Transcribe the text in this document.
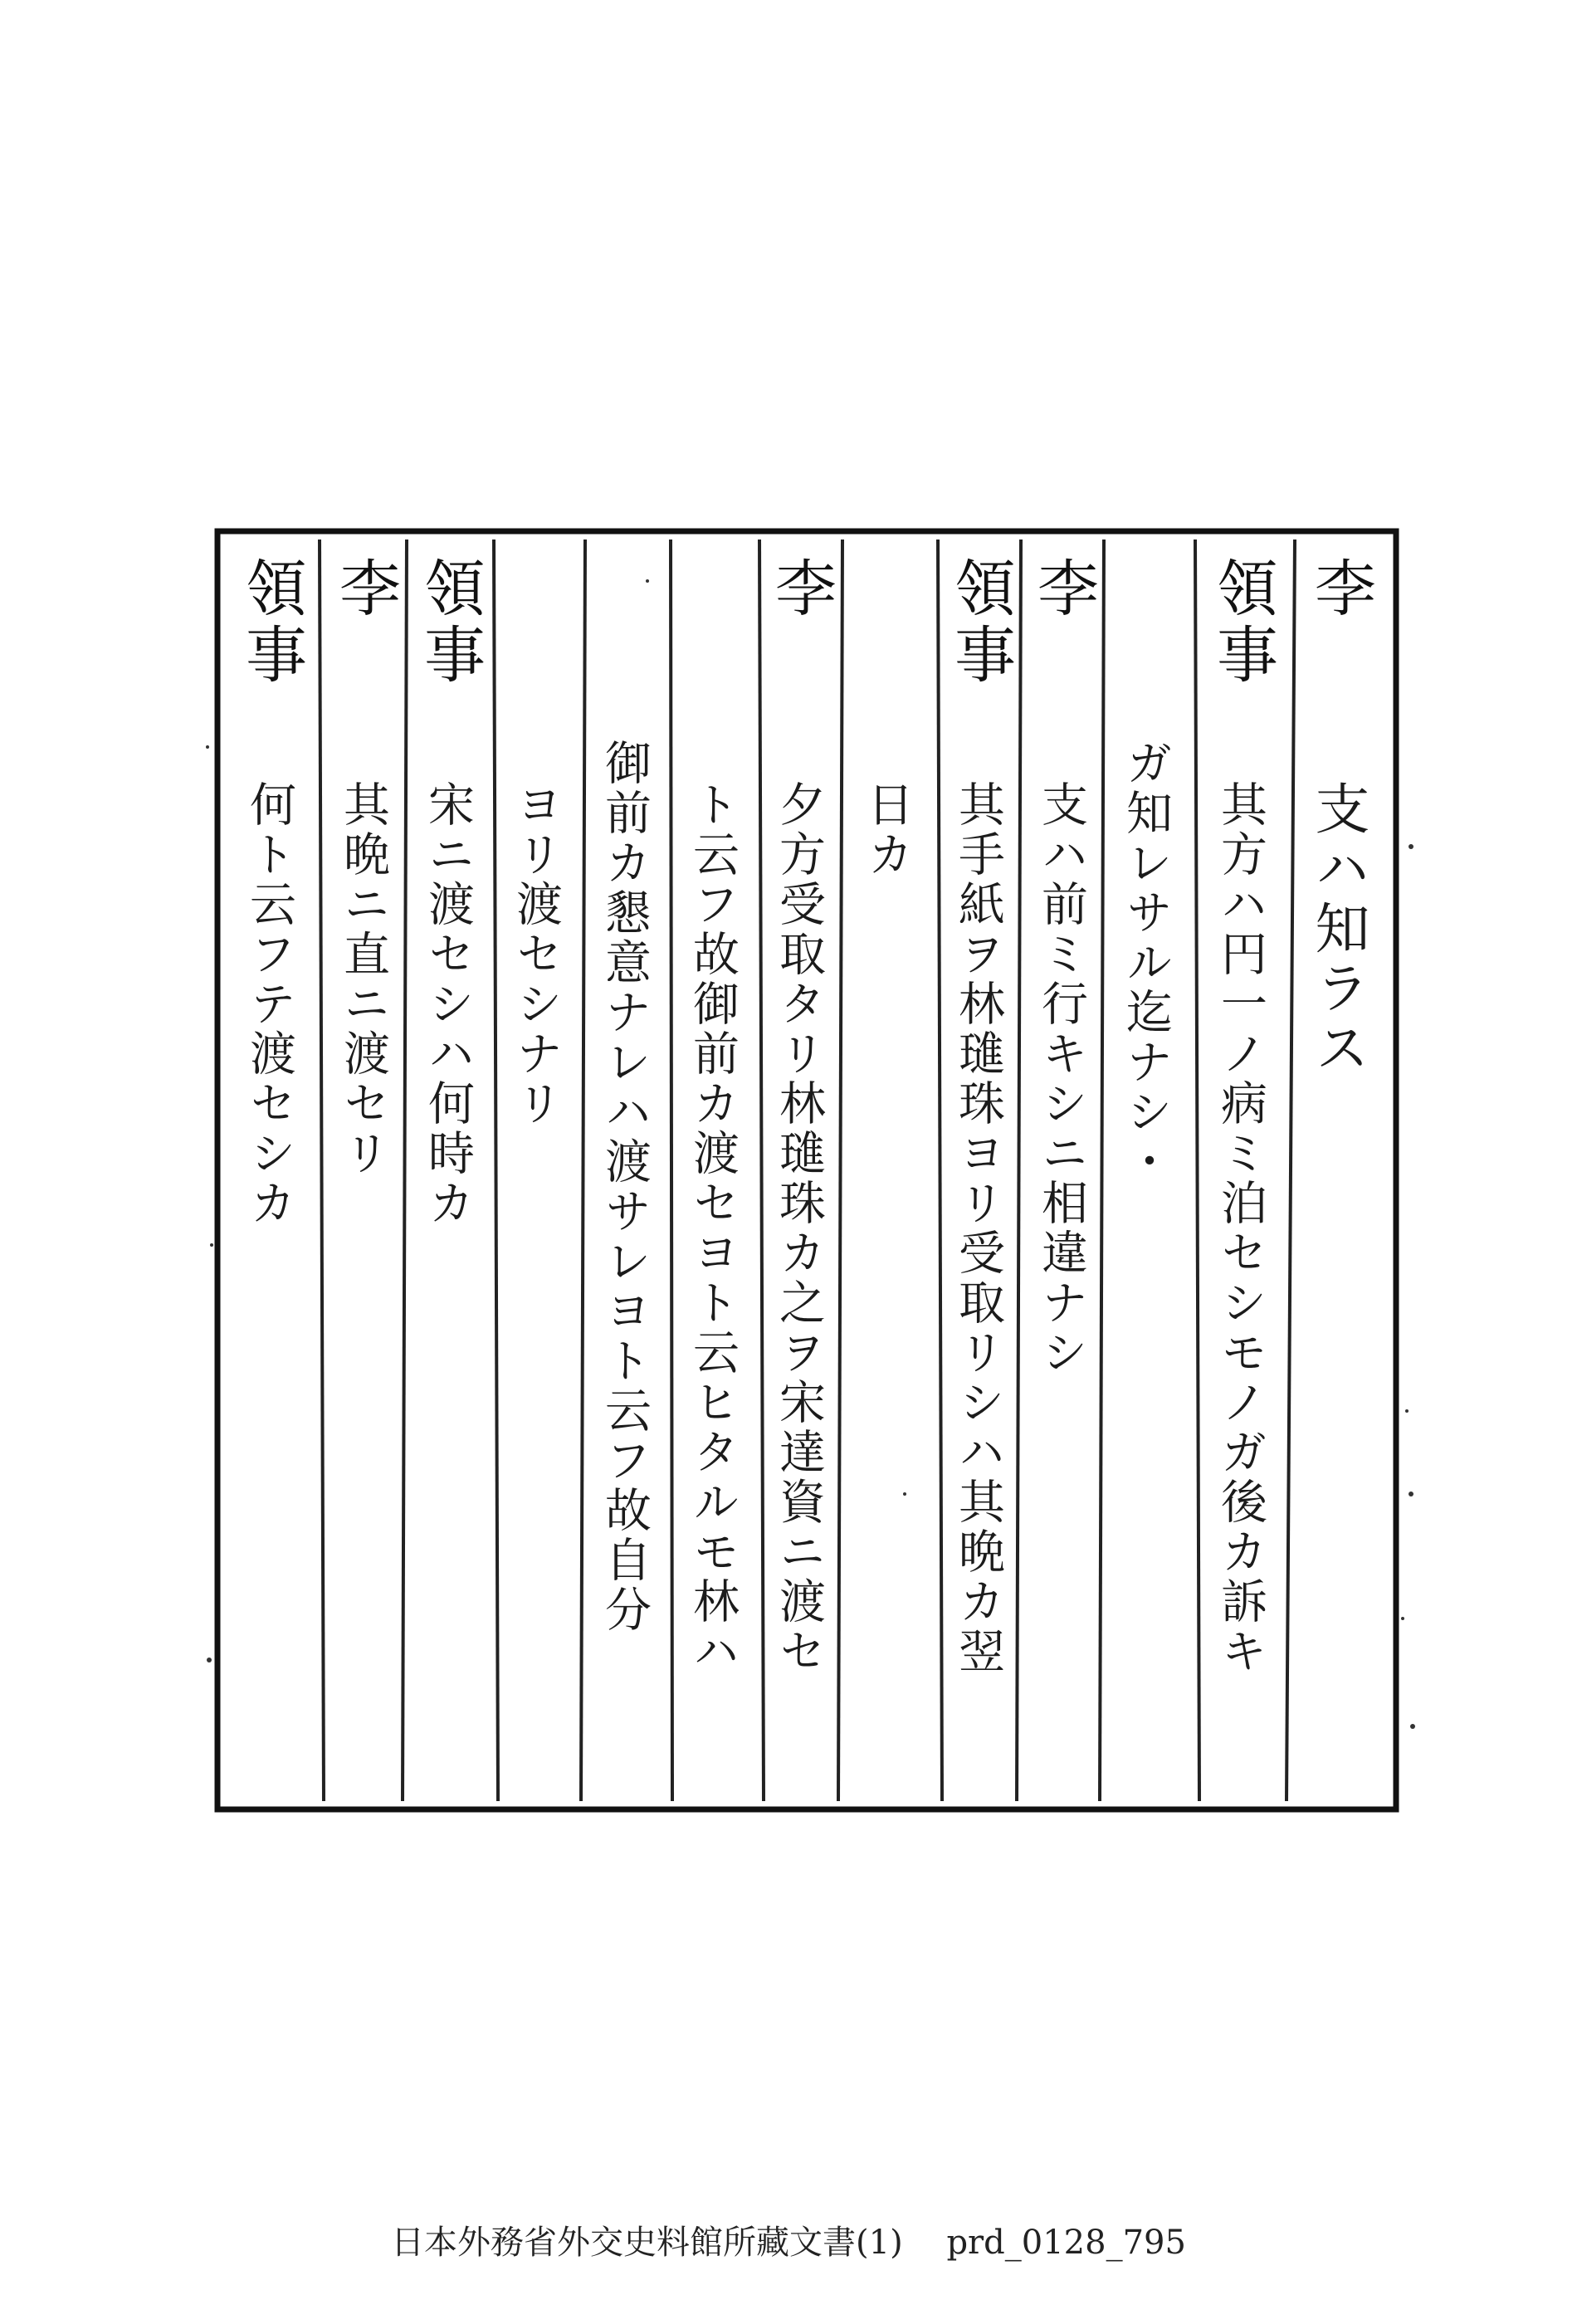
李
支ハ知ラス
領事
其方ハ円一ノ病ミ泊セシモノガ後カ訴キ
ガ知レサル迄ナシ・
李
支ハ前ミ行キシニ相違ナシ
領事
其手紙ヲ林璡珠ヨリ受取リシハ其晩カ翌
日カ
李
夕方受取タリ林璡珠カ之ヲ宋達資ニ渡セ
ト云フ故御前カ渡セヨト云ヒタルモ林ハ
御前カ懇意ナレハ渡サレヨト云フ故自分
ヨリ渡セシナリ
領事
宋ニ渡セシハ何時カ
李
其晩ニ直ニ渡セリ
領事
何ト云フテ渡セシカ
日本外務省外交史料館所藏文書(1) prd_0128_795
